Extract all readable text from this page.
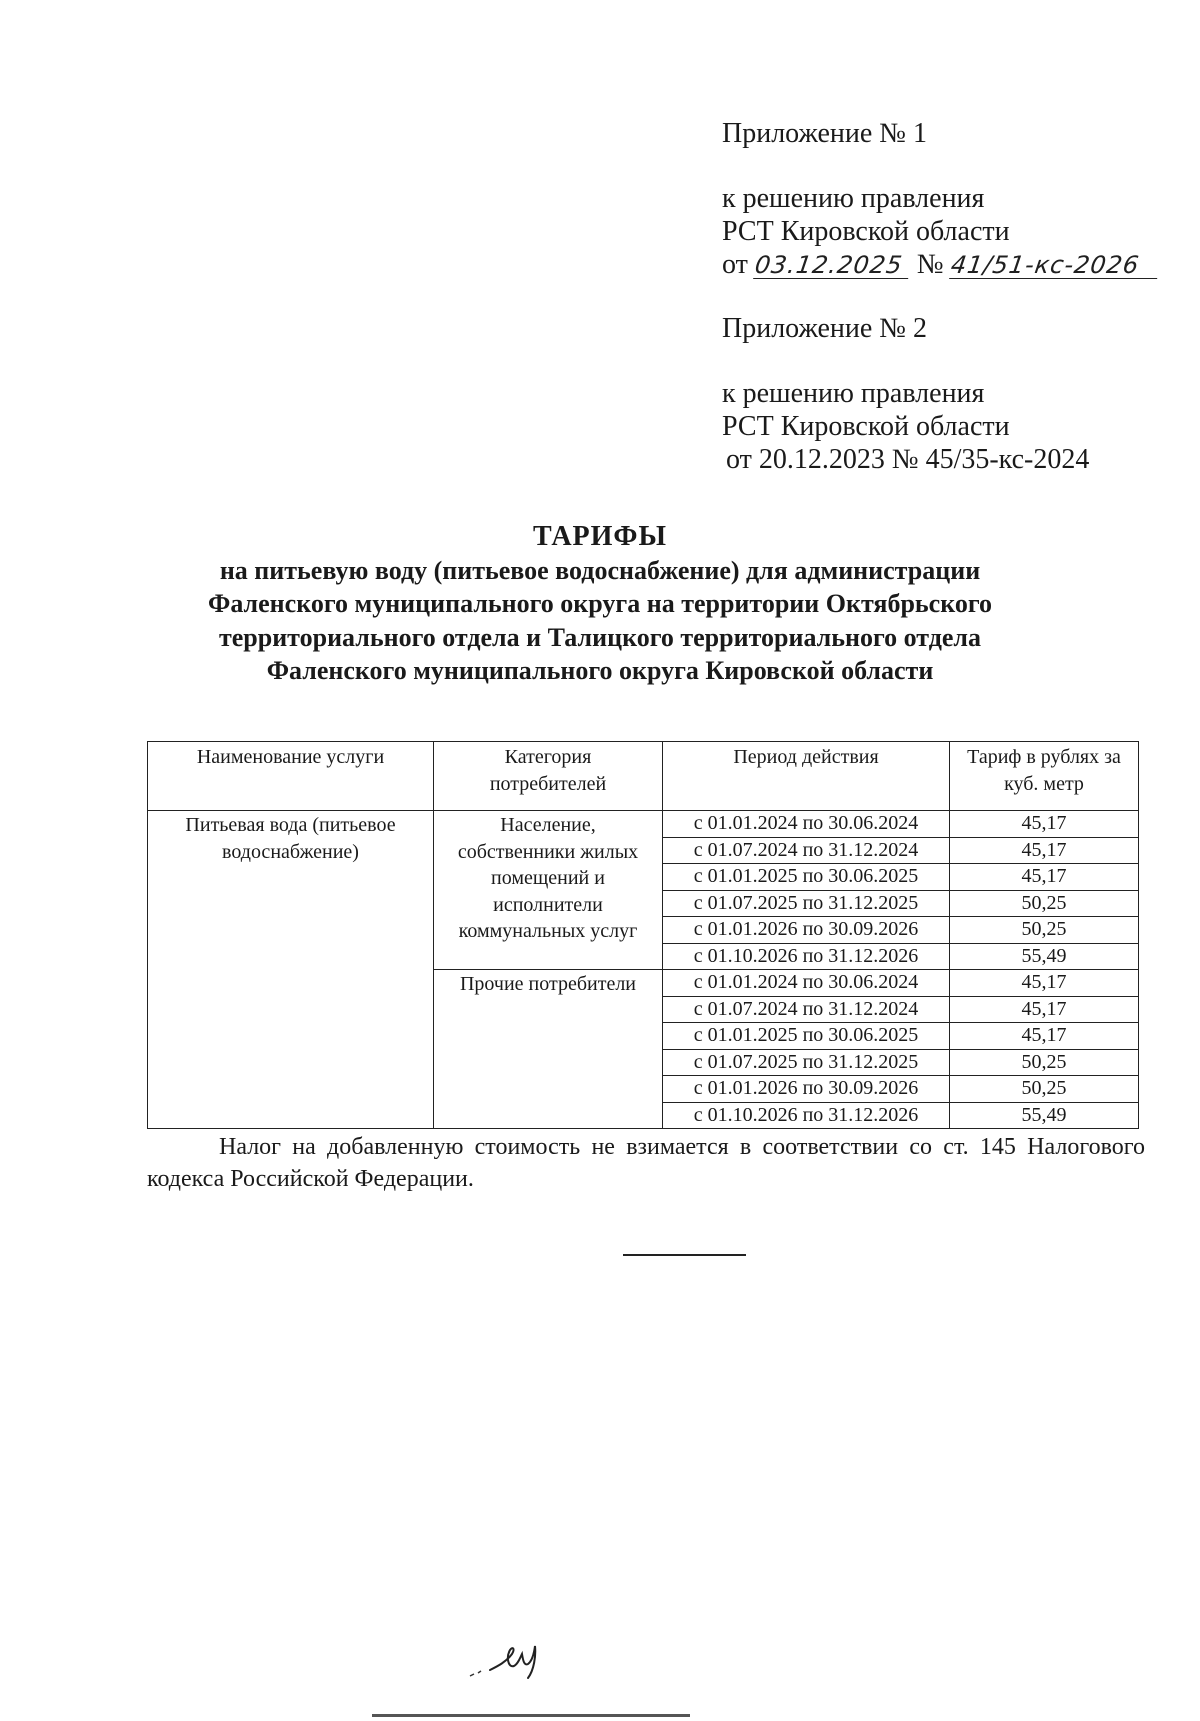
Приложение № 1
к решению правления
РСТ Кировской области
от 03.12.2025 № 41/51-кс-2026
Приложение № 2
к решению правления
РСТ Кировской области
от 20.12.2023 № 45/35-кс-2024
ТАРИФЫ
на питьевую воду (питьевое водоснабжение) для администрации
Фаленского муниципального округа на территории Октябрьского
территориального отдела и Талицкого территориального отдела
Фаленского муниципального округа Кировской области
Наименование услуги	Категория потребителей	Период действия	Тариф в рублях за куб. метр
Питьевая вода (питьевое водоснабжение)	Население, собственники жилых помещений и исполнители коммунальных услуг	с 01.01.2024 по 30.06.2024	45,17
		с 01.07.2024 по 31.12.2024	45,17
		с 01.01.2025 по 30.06.2025	45,17
		с 01.07.2025 по 31.12.2025	50,25
		с 01.01.2026 по 30.09.2026	50,25
		с 01.10.2026 по 31.12.2026	55,49
	Прочие потребители	с 01.01.2024 по 30.06.2024	45,17
		с 01.07.2024 по 31.12.2024	45,17
		с 01.01.2025 по 30.06.2025	45,17
		с 01.07.2025 по 31.12.2025	50,25
		с 01.01.2026 по 30.09.2026	50,25
		с 01.10.2026 по 31.12.2026	55,49
Налог на добавленную стоимость не взимается в соответствии со ст. 145 Налогового кодекса Российской Федерации.
